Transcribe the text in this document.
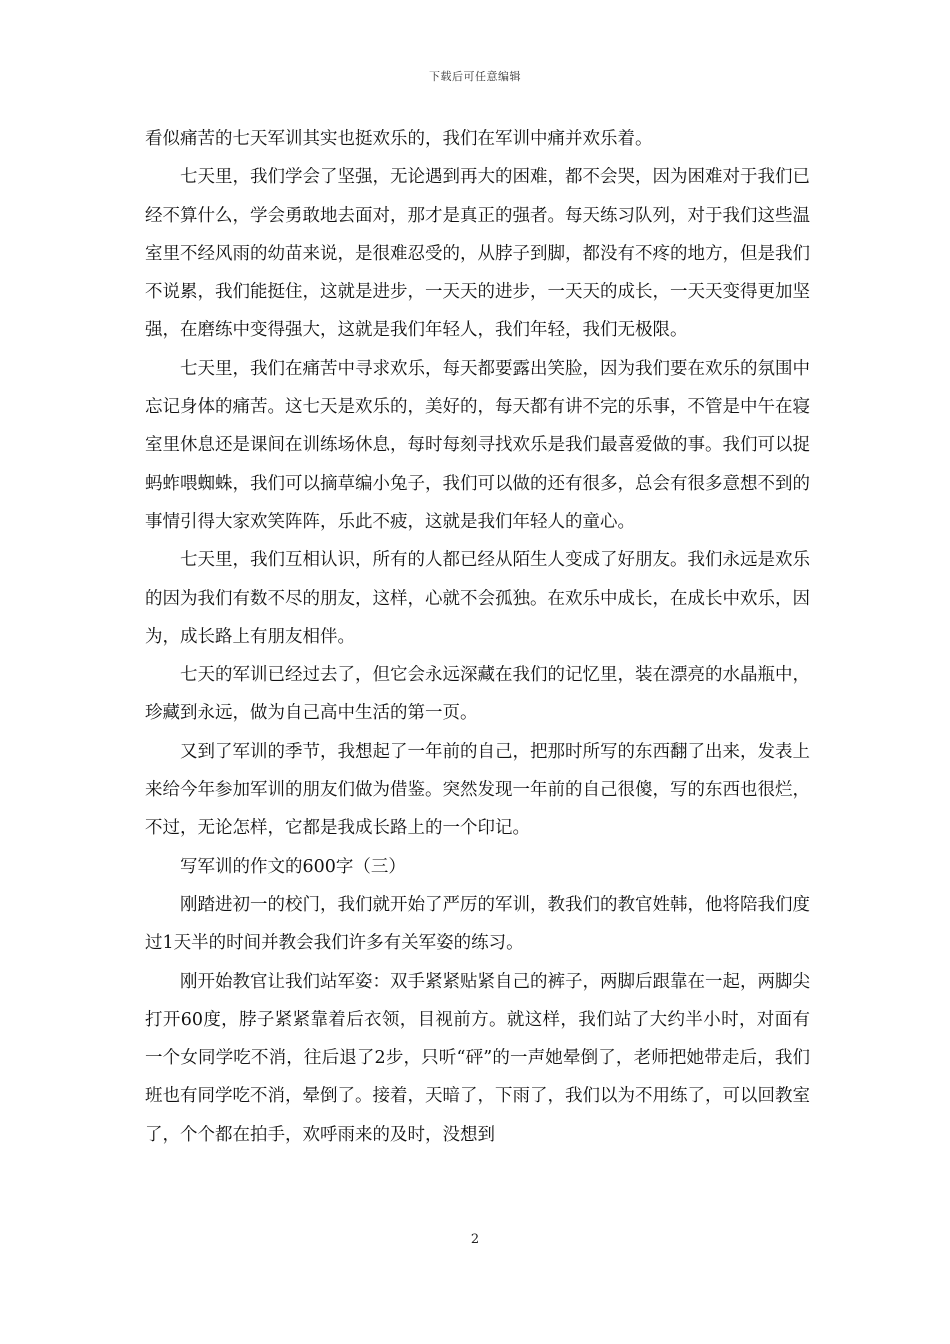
下载后可任意编辑

看似痛苦的七天军训其实也挺欢乐的，我们在军训中痛并欢乐着。

七天里，我们学会了坚强，无论遇到再大的困难，都不会哭，因为困难对于我们已经不算什么，学会勇敢地去面对，那才是真正的强者。每天练习队列，对于我们这些温室里不经风雨的幼苗来说，是很难忍受的，从脖子到脚，都没有不疼的地方，但是我们不说累，我们能挺住，这就是进步，一天天的进步，一天天的成长，一天天变得更加坚强，在磨练中变得强大，这就是我们年轻人，我们年轻，我们无极限。

七天里，我们在痛苦中寻求欢乐，每天都要露出笑脸，因为我们要在欢乐的氛围中忘记身体的痛苦。这七天是欢乐的，美好的，每天都有讲不完的乐事，不管是中午在寝室里休息还是课间在训练场休息，每时每刻寻找欢乐是我们最喜爱做的事。我们可以捉蚂蚱喂蜘蛛，我们可以摘草编小兔子，我们可以做的还有很多，总会有很多意想不到的事情引得大家欢笑阵阵，乐此不疲，这就是我们年轻人的童心。

七天里，我们互相认识，所有的人都已经从陌生人变成了好朋友。我们永远是欢乐的因为我们有数不尽的朋友，这样，心就不会孤独。在欢乐中成长，在成长中欢乐，因为，成长路上有朋友相伴。

七天的军训已经过去了，但它会永远深藏在我们的记忆里，装在漂亮的水晶瓶中，珍藏到永远，做为自己高中生活的第一页。

又到了军训的季节，我想起了一年前的自己，把那时所写的东西翻了出来，发表上来给今年参加军训的朋友们做为借鉴。突然发现一年前的自己很傻，写的东西也很烂，不过，无论怎样，它都是我成长路上的一个印记。

写军训的作文的600字（三）

刚踏进初一的校门，我们就开始了严厉的军训，教我们的教官姓韩，他将陪我们度过1天半的时间并教会我们许多有关军姿的练习。

刚开始教官让我们站军姿：双手紧紧贴紧自己的裤子，两脚后跟靠在一起，两脚尖打开60度，脖子紧紧靠着后衣领，目视前方。就这样，我们站了大约半小时，对面有一个女同学吃不消，往后退了2步，只听“砰”的一声她晕倒了，老师把她带走后，我们班也有同学吃不消，晕倒了。接着，天暗了，下雨了，我们以为不用练了，可以回教室了，个个都在拍手，欢呼雨来的及时，没想到

2
